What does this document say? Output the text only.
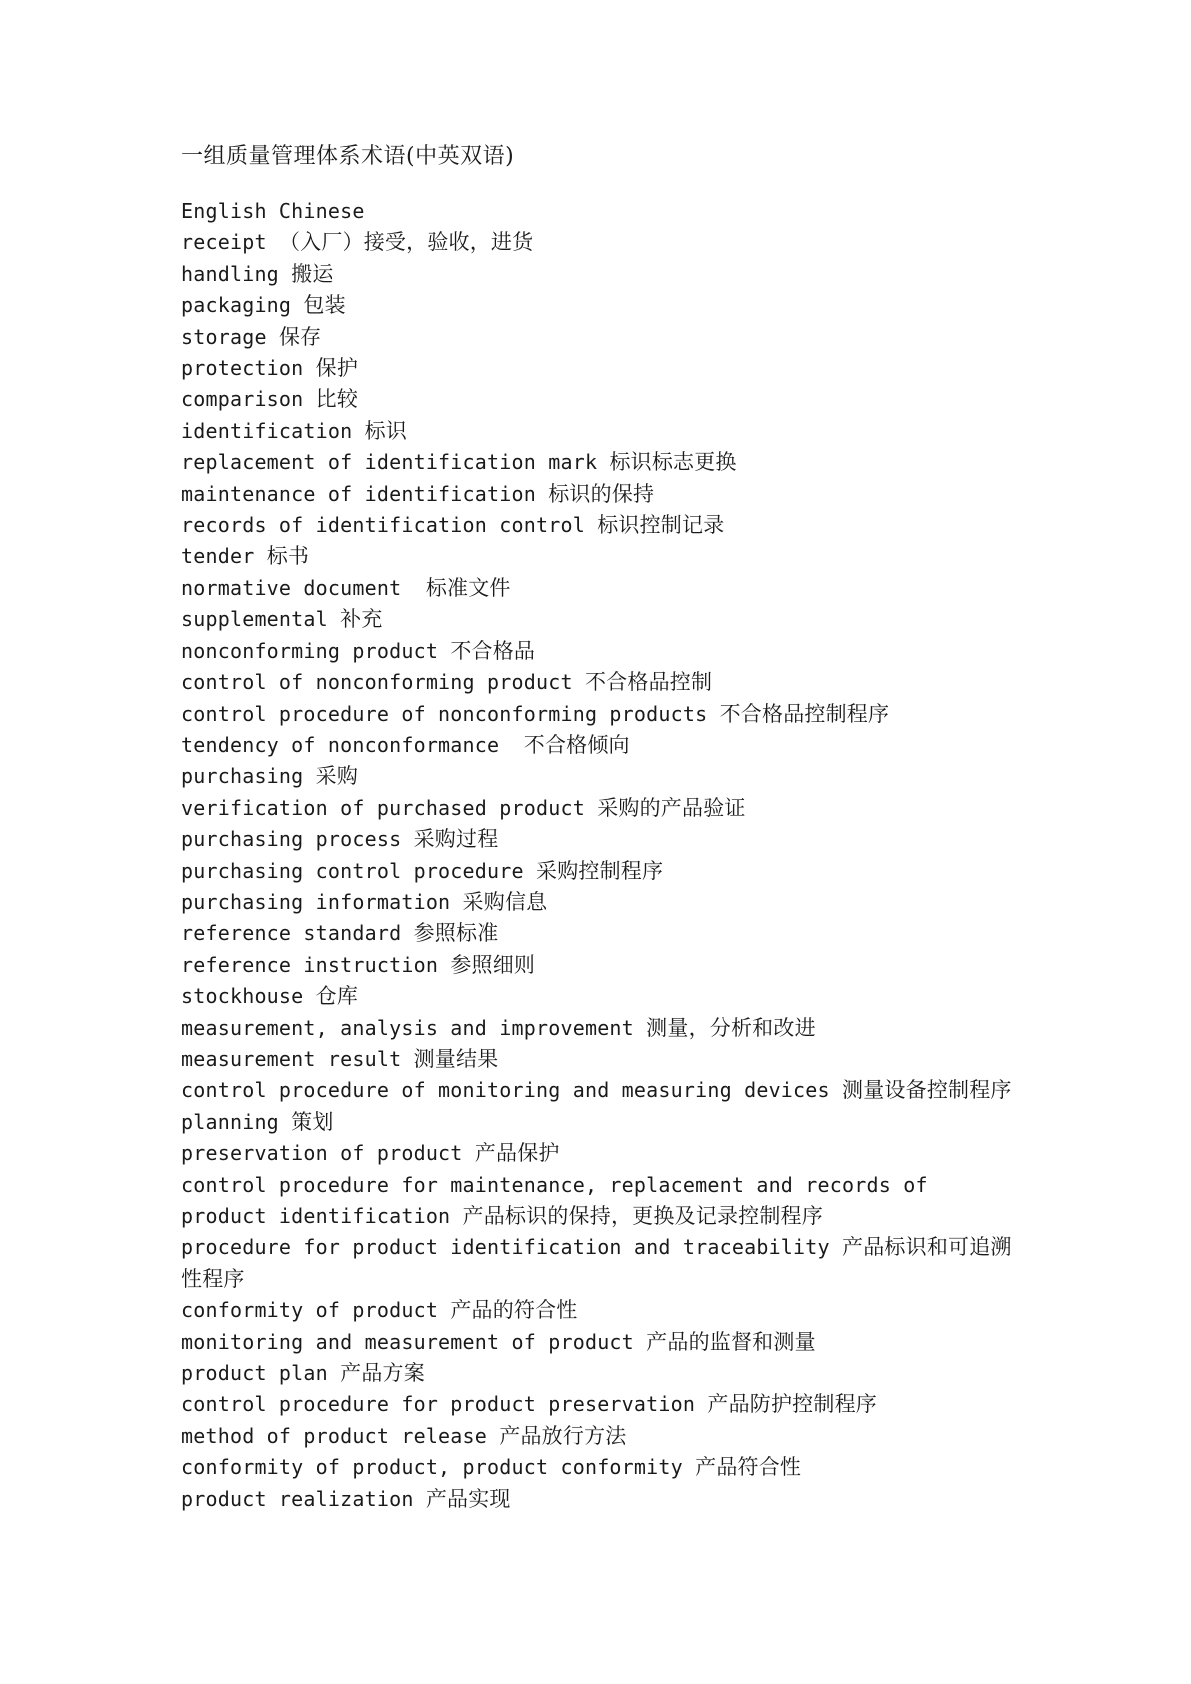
一组质量管理体系术语(中英双语)
English Chinese
receipt （入厂）接受，验收，进货
handling 搬运
packaging 包装
storage 保存
protection 保护
comparison 比较
identification 标识
replacement of identification mark 标识标志更换
maintenance of identification 标识的保持
records of identification control 标识控制记录
tender 标书
normative document  标准文件
supplemental 补充
nonconforming product 不合格品
control of nonconforming product 不合格品控制
control procedure of nonconforming products 不合格品控制程序
tendency of nonconformance  不合格倾向
purchasing 采购
verification of purchased product 采购的产品验证
purchasing process 采购过程
purchasing control procedure 采购控制程序
purchasing information 采购信息
reference standard 参照标准
reference instruction 参照细则
stockhouse 仓库
measurement, analysis and improvement 测量，分析和改进
measurement result 测量结果
control procedure of monitoring and measuring devices 测量设备控制程序
planning 策划
preservation of product 产品保护
control procedure for maintenance, replacement and records of product identification 产品标识的保持，更换及记录控制程序
procedure for product identification and traceability 产品标识和可追溯性程序
conformity of product 产品的符合性
monitoring and measurement of product 产品的监督和测量
product plan 产品方案
control procedure for product preservation 产品防护控制程序
method of product release 产品放行方法
conformity of product, product conformity 产品符合性
product realization 产品实现
